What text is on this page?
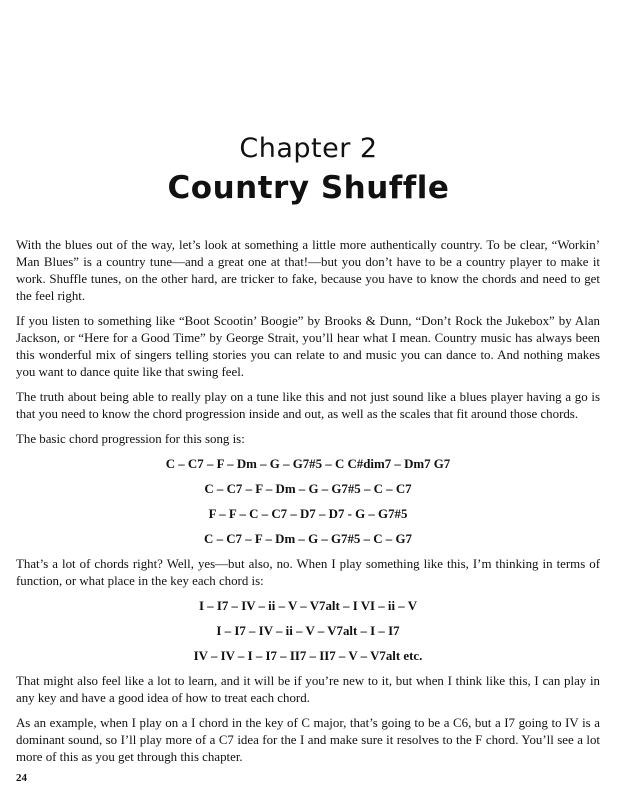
Chapter 2
Country Shuffle

With the blues out of the way, let’s look at something a little more authentically country. To be clear, “Workin’ Man Blues” is a country tune—and a great one at that!—but you don’t have to be a country player to make it work. Shuffle tunes, on the other hard, are tricker to fake, because you have to know the chords and need to get the feel right.

If you listen to something like “Boot Scootin’ Boogie” by Brooks & Dunn, “Don’t Rock the Jukebox” by Alan Jackson, or “Here for a Good Time” by George Strait, you’ll hear what I mean. Country music has always been this wonderful mix of singers telling stories you can relate to and music you can dance to. And nothing makes you want to dance quite like that swing feel.

The truth about being able to really play on a tune like this and not just sound like a blues player having a go is that you need to know the chord progression inside and out, as well as the scales that fit around those chords.

The basic chord progression for this song is:

C – C7 – F – Dm – G – G7#5 – C C#dim7 – Dm7 G7
C – C7 – F – Dm – G – G7#5 – C – C7
F – F – C – C7 – D7 – D7 - G – G7#5
C – C7 – F – Dm – G – G7#5 – C – G7

That’s a lot of chords right? Well, yes—but also, no. When I play something like this, I’m thinking in terms of function, or what place in the key each chord is:

I – I7 – IV – ii – V – V7alt – I VI – ii – V
I – I7 – IV – ii – V – V7alt – I – I7
IV – IV – I – I7 – II7 – II7 – V – V7alt etc.

That might also feel like a lot to learn, and it will be if you’re new to it, but when I think like this, I can play in any key and have a good idea of how to treat each chord.

As an example, when I play on a I chord in the key of C major, that’s going to be a C6, but a I7 going to IV is a dominant sound, so I’ll play more of a C7 idea for the I and make sure it resolves to the F chord. You’ll see a lot more of this as you get through this chapter.

24
